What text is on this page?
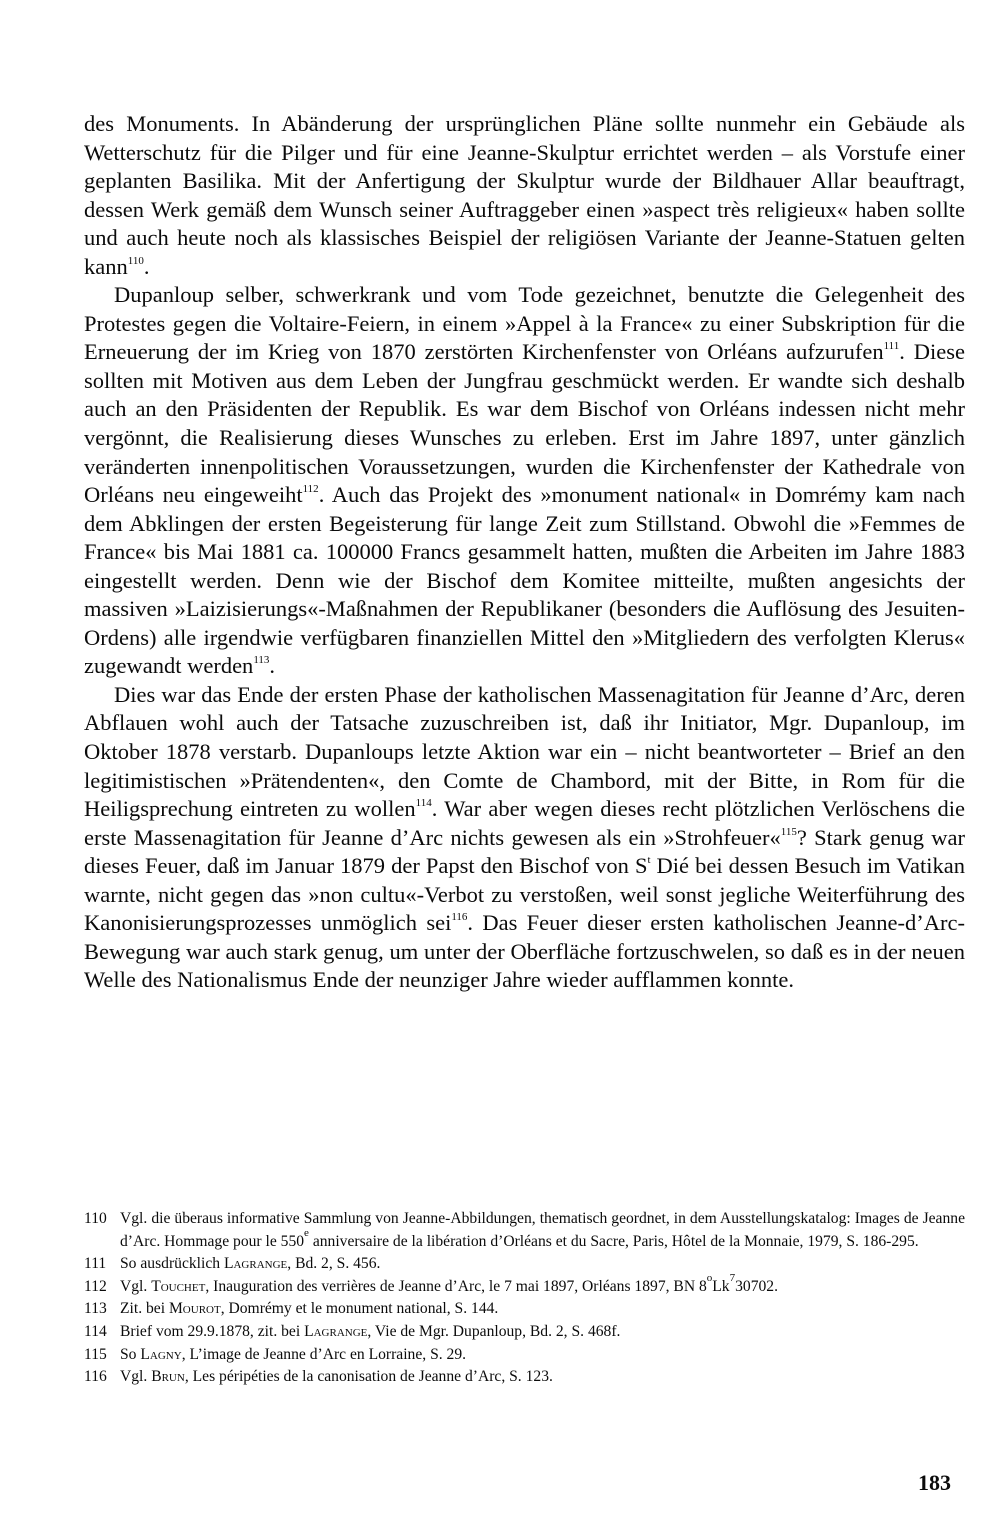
des Monuments. In Abänderung der ursprünglichen Pläne sollte nunmehr ein Gebäude als Wetterschutz für die Pilger und für eine Jeanne-Skulptur errichtet werden – als Vorstufe einer geplanten Basilika. Mit der Anfertigung der Skulptur wurde der Bildhauer Allar beauftragt, dessen Werk gemäß dem Wunsch seiner Auftraggeber einen »aspect très religieux« haben sollte und auch heute noch als klassisches Beispiel der religiösen Variante der Jeanne-Statuen gelten kann$^{110}$.

Dupanloup selber, schwerkrank und vom Tode gezeichnet, benutzte die Gelegenheit des Protestes gegen die Voltaire-Feiern, in einem »Appel à la France« zu einer Subskription für die Erneuerung der im Krieg von 1870 zerstörten Kirchenfenster von Orléans aufzurufen$^{111}$. Diese sollten mit Motiven aus dem Leben der Jungfrau geschmückt werden. Er wandte sich deshalb auch an den Präsidenten der Republik. Es war dem Bischof von Orléans indessen nicht mehr vergönnt, die Realisierung dieses Wunsches zu erleben. Erst im Jahre 1897, unter gänzlich veränderten innenpolitischen Voraussetzungen, wurden die Kirchenfenster der Kathedrale von Orléans neu eingeweiht$^{112}$. Auch das Projekt des »monument national« in Domrémy kam nach dem Abklingen der ersten Begeisterung für lange Zeit zum Stillstand. Obwohl die »Femmes de France« bis Mai 1881 ca. 100000 Francs gesammelt hatten, mußten die Arbeiten im Jahre 1883 eingestellt werden. Denn wie der Bischof dem Komitee mitteilte, mußten angesichts der massiven »Laizisierungs«-Maßnahmen der Republikaner (besonders die Auflösung des Jesuiten-Ordens) alle irgendwie verfügbaren finanziellen Mittel den »Mitgliedern des verfolgten Klerus« zugewandt werden$^{113}$.

Dies war das Ende der ersten Phase der katholischen Massenagitation für Jeanne d’Arc, deren Abflauen wohl auch der Tatsache zuzuschreiben ist, daß ihr Initiator, Mgr. Dupanloup, im Oktober 1878 verstarb. Dupanloups letzte Aktion war ein – nicht beantworteter – Brief an den legitimistischen »Prätendenten«, den Comte de Chambord, mit der Bitte, in Rom für die Heiligsprechung eintreten zu wollen$^{114}$. War aber wegen dieses recht plötzlichen Verlöschens die erste Massenagitation für Jeanne d’Arc nichts gewesen als ein »Strohfeuer«$^{115}$? Stark genug war dieses Feuer, daß im Januar 1879 der Papst den Bischof von $S^t$ Dié bei dessen Besuch im Vatikan warnte, nicht gegen das »non cultu«-Verbot zu verstoßen, weil sonst jegliche Weiterführung des Kanonisierungsprozesses unmöglich sei$^{116}$. Das Feuer dieser ersten katholischen Jeanne-d’Arc-Bewegung war auch stark genug, um unter der Oberfläche fortzuschwelen, so daß es in der neuen Welle des Nationalismus Ende der neunziger Jahre wieder aufflammen konnte.

110 Vgl. die überaus informative Sammlung von Jeanne-Abbildungen, thematisch geordnet, in dem Ausstellungskatalog: Images de Jeanne d’Arc. Hommage pour le 550e anniversaire de la libération d’Orléans et du Sacre, Paris, Hôtel de la Monnaie, 1979, S. 186-295.
111 So ausdrücklich Lagrange, Bd. 2, S. 456.
112 Vgl. Touchet, Inauguration des verrières de Jeanne d’Arc, le 7 mai 1897, Orléans 1897, BN 8$^o$Lk$^7$30702.
113 Zit. bei Mourot, Domrémy et le monument national, S. 144.
114 Brief vom 29.9.1878, zit. bei Lagrange, Vie de Mgr. Dupanloup, Bd. 2, S. 468f.
115 So Lagny, L’image de Jeanne d’Arc en Lorraine, S. 29.
116 Vgl. Brun, Les péripéties de la canonisation de Jeanne d’Arc, S. 123.
183
